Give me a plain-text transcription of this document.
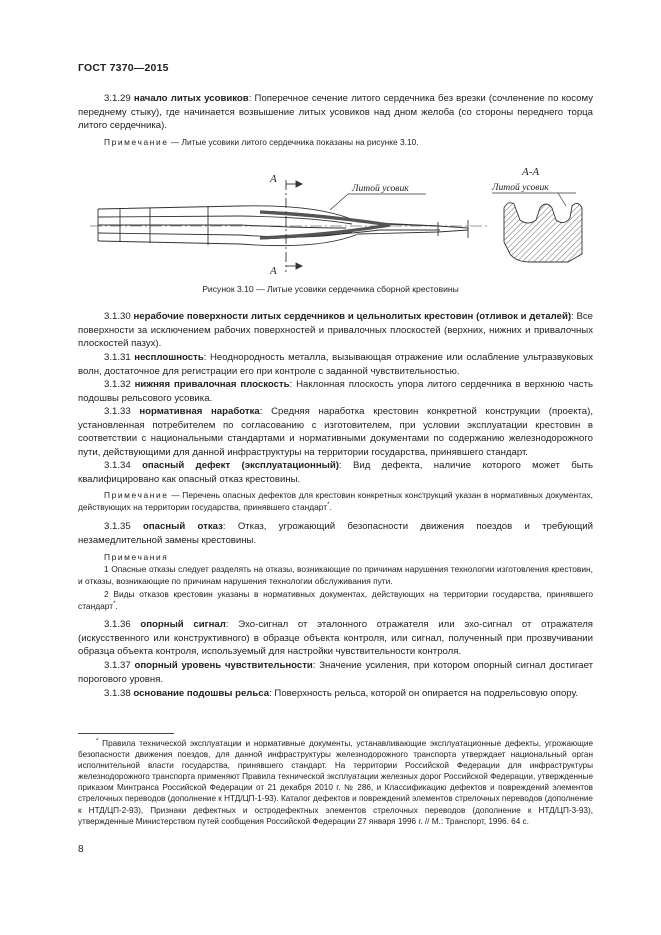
ГОСТ 7370—2015
3.1.29 начало литых усовиков: Поперечное сечение литого сердечника без врезки (сочленение по косому переднему стыку), где начинается возвышение литых усовиков над дном желоба (со стороны переднего торца литого сердечника).
Примечание — Литые усовики литого сердечника показаны на рисунке 3.10.
А
А
Литой усовик
А-А
Литой усовик
Рисунок 3.10 — Литые усовики сердечника сборной крестовины
3.1.30 нерабочие поверхности литых сердечников и цельнолитых крестовин (отливок и деталей): Все поверхности за исключением рабочих поверхностей и привалочных плоскостей (верхних, нижних и привалочных плоскостей пазух).
3.1.31 несплошность: Неоднородность металла, вызывающая отражение или ослабление ультразвуковых волн, достаточное для регистрации его при контроле с заданной чувствительностью.
3.1.32 нижняя привалочная плоскость: Наклонная плоскость упора литого сердечника в верхнюю часть подошвы рельсового усовика.
3.1.33 нормативная наработка: Средняя наработка крестовин конкретной конструкции (проекта), установленная потребителем по согласованию с изготовителем, при условии эксплуатации крестовин в соответствии с национальными стандартами и нормативными документами по содержанию железнодорожного пути, действующими для данной инфраструктуры на территории государства, принявшего стандарт.
3.1.34 опасный дефект (эксплуатационный): Вид дефекта, наличие которого может быть квалифицировано как опасный отказ крестовины.
Примечание — Перечень опасных дефектов для крестовин конкретных конструкций указан в нормативных документах, действующих на территории государства, принявшего стандарт*.
3.1.35 опасный отказ: Отказ, угрожающий безопасности движения поездов и требующий незамедлительной замены крестовины.
Примечания
1 Опасные отказы следует разделять на отказы, возникающие по причинам нарушения технологии изготовления крестовин, и отказы, возникающие по причинам нарушения технологии обслуживания пути.
2 Виды отказов крестовин указаны в нормативных документах, действующих на территории государства, принявшего стандарт*.
3.1.36 опорный сигнал: Эхо-сигнал от эталонного отражателя или эхо-сигнал от отражателя (искусственного или конструктивного) в образце объекта контроля, или сигнал, полученный при прозвучивании образца объекта контроля, используемый для настройки чувствительности контроля.
3.1.37 опорный уровень чувствительности: Значение усиления, при котором опорный сигнал достигает порогового уровня.
3.1.38 основание подошвы рельса: Поверхность рельса, которой он опирается на подрельсовую опору.
* Правила технической эксплуатации и нормативные документы, устанавливающие эксплуатационные дефекты, угрожающие безопасности движения поездов, для данной инфраструктуры железнодорожного транспорта утверждает национальный орган исполнительной власти государства, принявшего стандарт. На территории Российской Федерации для инфраструктуры железнодорожного транспорта применяют Правила технической эксплуатации железных дорог Российской Федерации, утвержденные приказом Минтранса Российской Федерации от 21 декабря 2010 г. № 286, и Классификацию дефектов и повреждений элементов стрелочных переводов (дополнение к НТД/ЦП-1-93). Каталог дефектов и повреждений элементов стрелочных переводов (дополнение к НТД/ЦП-2-93), Признаки дефектных и остродефектных элементов стрелочных переводов (дополнение к НТД/ЦП-3-93), утвержденные Министерством путей сообщения Российской Федерации 27 января 1996 г. // М.: Транспорт, 1996. 64 с.
8
